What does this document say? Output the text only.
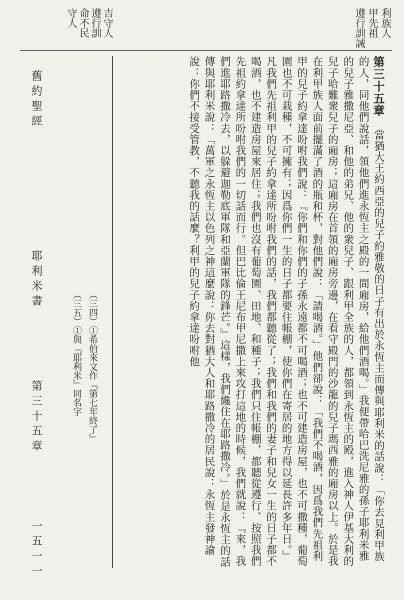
利族人
甲先祖
遵行訓誡
吉守人
遵行訓
命不民
守人
第三十五章 當猶大王約西亞的兒子約雅敬的日子有出於永恆主而傳與耶利米的話說：「你去見利甲族的人，同他們說話，領他們進永恆主之殿的一間廂房，給他們酒喝。」我便帶哈巴洗尼雅的孫子耶利米雅的兒子雅撒尼亞、和他的弟兄、他的衆兒子、跟利甲全族的人，都領到永恆主的殿，進入神人伊基大利的兒子哈難衆兒子的廂房；這廂房在首領的廂房旁邊，在看守殿門的沙龍的兒子瑪西雅的廂房以上。於是我在利甲族人面前擺滿了酒的瓶和杯，對他們說：「請喝酒。」他們卻說：「我們不喝酒，因爲我們先祖利甲的兒子約拿達吩咐我們說：『你們和你們的子孫永遠都不可喝酒；也不可建造房屋，也不可撒種，葡萄園也不可栽種，不可擁有；因爲你們一生的日子都要住帳棚，使你們在寄居的地方得以延長許多年日。』凡我們先祖利甲的兒子約拿達所吩咐我們的話，我們都聽從了；我們和我們的妻子和兒女一生的日子都不喝酒，也不建造房屋來居住；我們也沒有葡萄園、田地、和種子；我們只住帳棚，都聽從遵行、按照我們先祖約拿達所吩咐我們的一切話而行。但巴比倫王尼布甲尼撒上來攻打這地的時候，我們就說：『來，我們進耶路撒冷去，以躲避迦勒底軍隊和亞蘭軍隊的鋒芒。』這樣，我們纔住在耶路撒冷。」於是永恆主的話傳與耶利米說：「萬軍之永恆主以色列之神這麼說：你去對猶大人和耶路撒冷的居民說：永恆主發神諭說：你們不接受管教，不聽我的話麼？利甲的兒子約拿達吩咐他
（三四）①希伯來文作『第七年終了』
（三五）①與『耶利米』同名字
舊約聖經
耶利米書
第三十五章
一五一一
